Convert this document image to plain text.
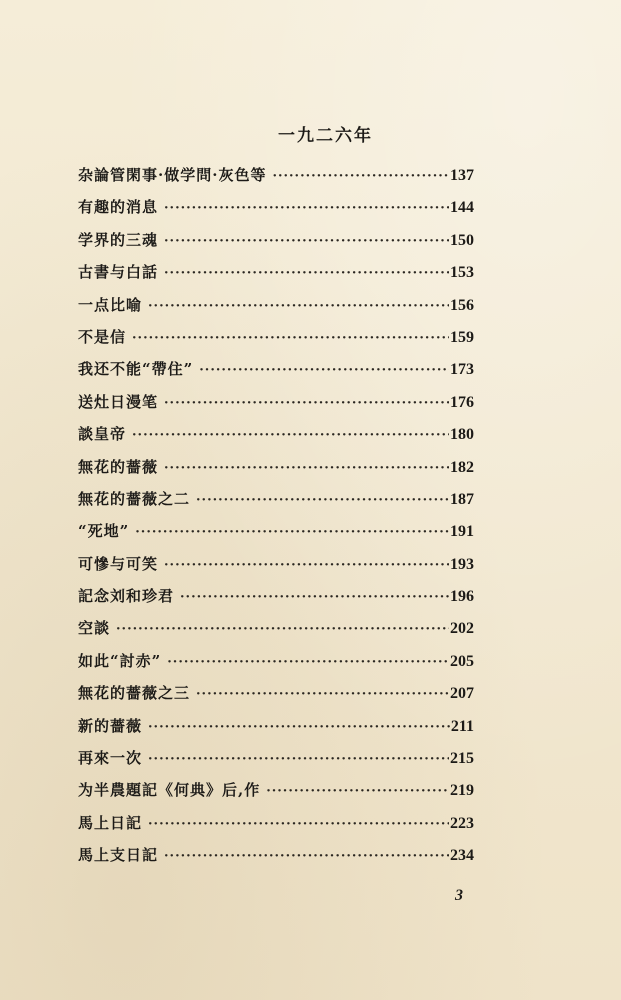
一九二六年
杂論管閑事·做学問·灰色等 ·····	137
有趣的消息 ·····	144
学界的三魂 ·····	150
古書与白話 ·····	153
一点比喻 ·····	156
不是信 ·····	159
我还不能“帶住” ·····	173
送灶日漫笔 ·····	176
談皇帝 ·····	180
無花的薔薇 ·····	182
無花的薔薇之二 ·····	187
“死地” ·····	191
可慘与可笑 ·····	193
記念刘和珍君 ·····	196
空談 ·····	202
如此“討赤” ·····	205
無花的薔薇之三 ·····	207
新的薔薇 ·····	211
再來一次 ·····	215
为半農題記《何典》后,作 ·····	219
馬上日記 ·····	223
馬上支日記 ·····	234
3
